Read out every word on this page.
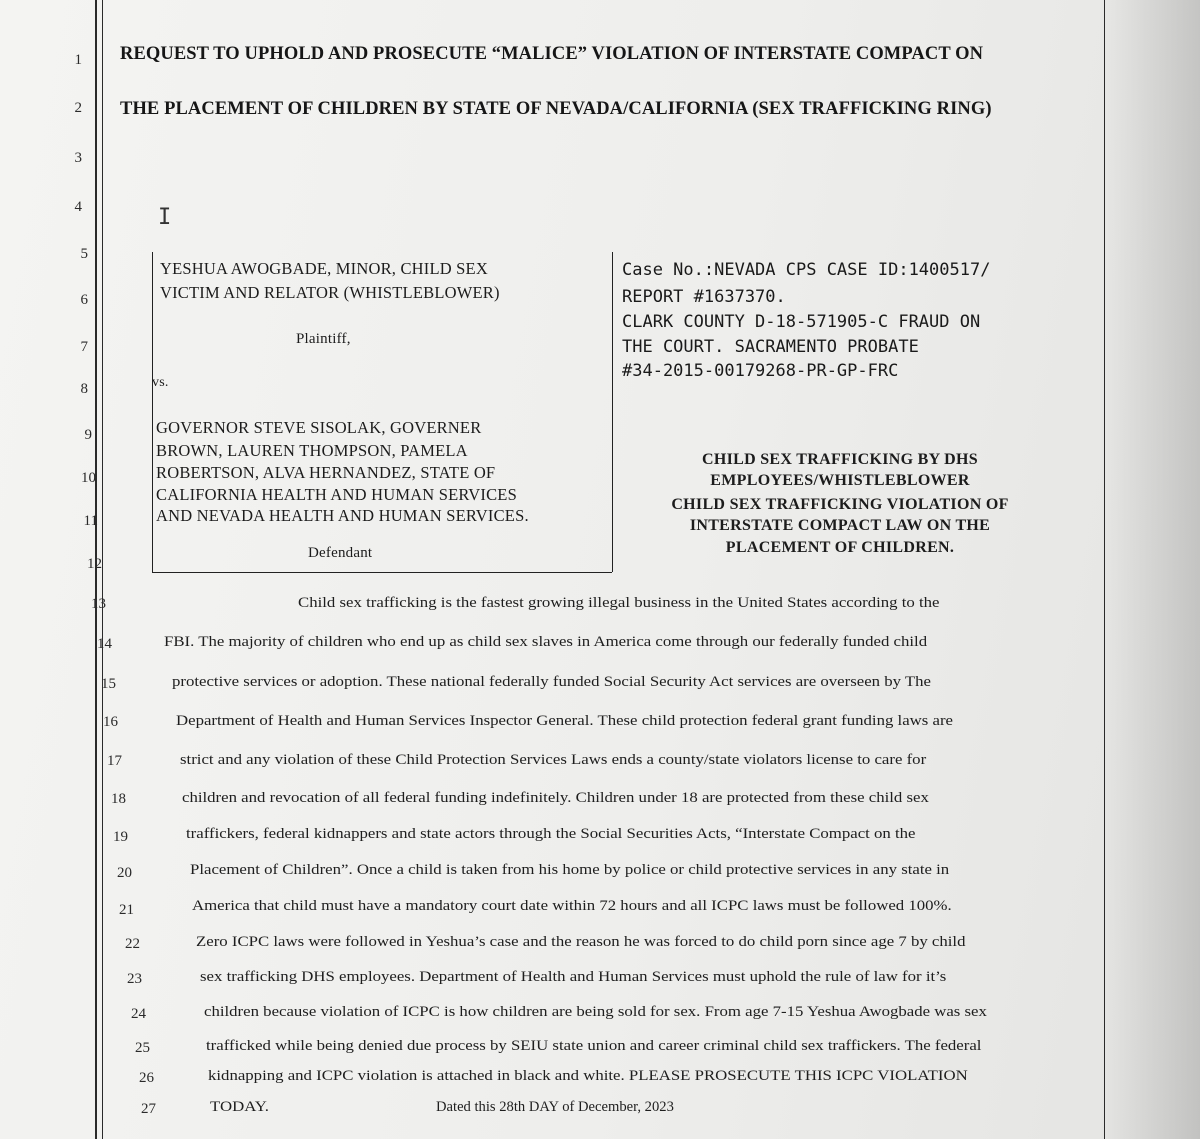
1
2
3
4
5
6
7
8
9
10
11
12
13
14
15
16
17
18
19
20
21
22
23
24
25
26
27
REQUEST TO UPHOLD AND PROSECUTE “MALICE” VIOLATION OF INTERSTATE COMPACT ON
THE PLACEMENT OF CHILDREN BY STATE OF NEVADA/CALIFORNIA (SEX TRAFFICKING RING)
I
YESHUA AWOGBADE, MINOR, CHILD SEX
VICTIM AND RELATOR (WHISTLEBLOWER)
Plaintiff,
vs.
GOVERNOR STEVE SISOLAK, GOVERNER
BROWN, LAUREN THOMPSON, PAMELA
ROBERTSON, ALVA HERNANDEZ, STATE OF
CALIFORNIA HEALTH AND HUMAN SERVICES
AND NEVADA HEALTH AND HUMAN SERVICES.
Defendant
Case No.:NEVADA CPS CASE ID:1400517/
REPORT #1637370.
CLARK COUNTY D-18-571905-C FRAUD ON
THE COURT. SACRAMENTO PROBATE
#34-2015-00179268-PR-GP-FRC
CHILD SEX TRAFFICKING BY DHS
EMPLOYEES/WHISTLEBLOWER
CHILD SEX TRAFFICKING VIOLATION OF
INTERSTATE COMPACT LAW ON THE
PLACEMENT OF CHILDREN.
Child sex trafficking is the fastest growing illegal business in the United States according to the
FBI. The majority of children who end up as child sex slaves in America come through our federally funded child
protective services or adoption. These national federally funded Social Security Act services are overseen by The
Department of Health and Human Services Inspector General. These child protection federal grant funding laws are
strict and any violation of these Child Protection Services Laws ends a county/state violators license to care for
children and revocation of all federal funding indefinitely. Children under 18 are protected from these child sex
traffickers, federal kidnappers and state actors through the Social Securities Acts, “Interstate Compact on the
Placement of Children”. Once a child is taken from his home by police or child protective services in any state in
America that child must have a mandatory court date within 72 hours and all ICPC laws must be followed 100%.
Zero ICPC laws were followed in Yeshua’s case and the reason he was forced to do child porn since age 7 by child
sex trafficking DHS employees. Department of Health and Human Services must uphold the rule of law for it’s
children because violation of ICPC is how children are being sold for sex. From age 7-15 Yeshua Awogbade was sex
trafficked while being denied due process by SEIU state union and career criminal child sex traffickers. The federal
kidnapping and ICPC violation is attached in black and white. PLEASE PROSECUTE THIS ICPC VIOLATION
TODAY.	Dated this 28th DAY of December, 2023
